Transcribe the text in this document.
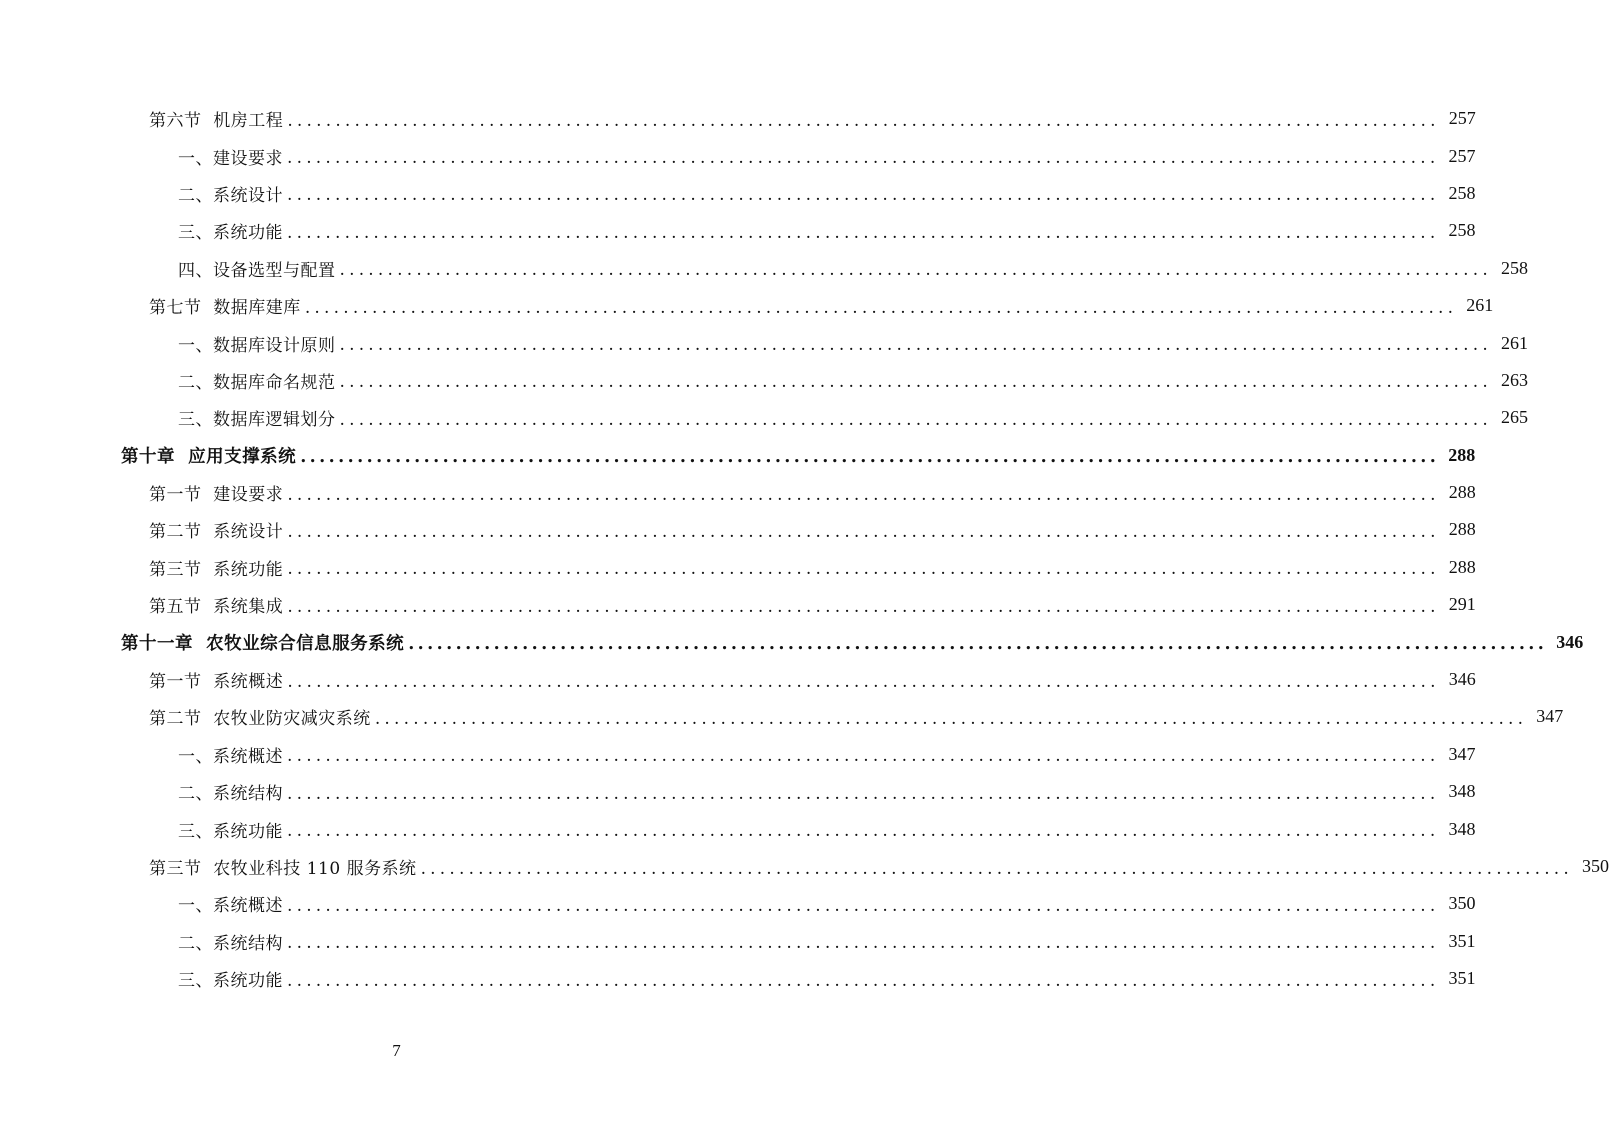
第六节  机房工程 ........................................................................................................................ 257
一、建设要求 ........................................................................................................................ 257
二、系统设计 ........................................................................................................................ 258
三、系统功能 ........................................................................................................................ 258
四、设备选型与配置 ........................................................................................................................ 258
第七节  数据库建库 ........................................................................................................................ 261
一、数据库设计原则 ........................................................................................................................ 261
二、数据库命名规范 ........................................................................................................................ 263
三、数据库逻辑划分 ........................................................................................................................ 265
第十章  应用支撑系统 ........................................................................................................................ 288
第一节  建设要求 ........................................................................................................................ 288
第二节  系统设计 ........................................................................................................................ 288
第三节  系统功能 ........................................................................................................................ 288
第五节  系统集成 ........................................................................................................................ 291
第十一章  农牧业综合信息服务系统 ........................................................................................................................ 346
第一节  系统概述 ........................................................................................................................ 346
第二节  农牧业防灾减灾系统 ........................................................................................................................ 347
一、系统概述 ........................................................................................................................ 347
二、系统结构 ........................................................................................................................ 348
三、系统功能 ........................................................................................................................ 348
第三节  农牧业科技 110 服务系统 ........................................................................................................................ 350
一、系统概述 ........................................................................................................................ 350
二、系统结构 ........................................................................................................................ 351
三、系统功能 ........................................................................................................................ 351
7
